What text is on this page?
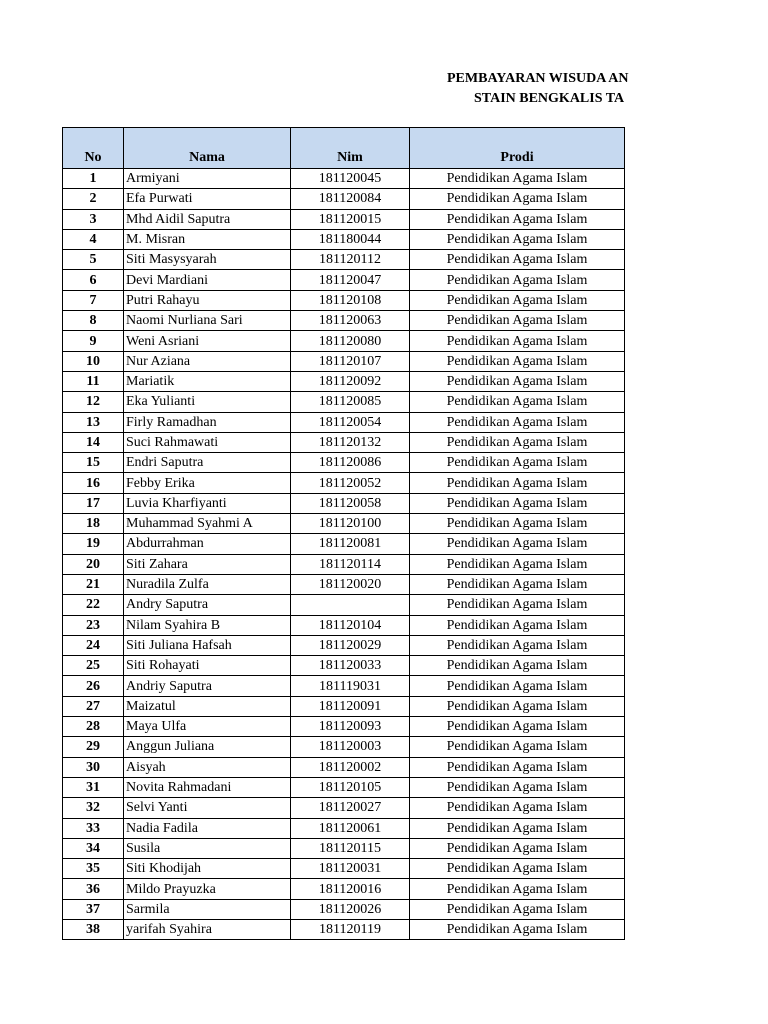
PEMBAYARAN WISUDA AN
STAIN BENGKALIS TA
No	Nama	Nim	Prodi
1	Armiyani	181120045	Pendidikan Agama Islam
2	Efa Purwati	181120084	Pendidikan Agama Islam
3	Mhd Aidil Saputra	181120015	Pendidikan Agama Islam
4	M. Misran	181180044	Pendidikan Agama Islam
5	Siti Masysyarah	181120112	Pendidikan Agama Islam
6	Devi Mardiani	181120047	Pendidikan Agama Islam
7	Putri Rahayu	181120108	Pendidikan Agama Islam
8	Naomi Nurliana Sari	181120063	Pendidikan Agama Islam
9	Weni Asriani	181120080	Pendidikan Agama Islam
10	Nur Aziana	181120107	Pendidikan Agama Islam
11	Mariatik	181120092	Pendidikan Agama Islam
12	Eka Yulianti	181120085	Pendidikan Agama Islam
13	Firly Ramadhan	181120054	Pendidikan Agama Islam
14	Suci Rahmawati	181120132	Pendidikan Agama Islam
15	Endri Saputra	181120086	Pendidikan Agama Islam
16	Febby Erika	181120052	Pendidikan Agama Islam
17	Luvia Kharfiyanti	181120058	Pendidikan Agama Islam
18	Muhammad Syahmi A	181120100	Pendidikan Agama Islam
19	Abdurrahman	181120081	Pendidikan Agama Islam
20	Siti Zahara	181120114	Pendidikan Agama Islam
21	Nuradila Zulfa	181120020	Pendidikan Agama Islam
22	Andry Saputra		Pendidikan Agama Islam
23	Nilam Syahira B	181120104	Pendidikan Agama Islam
24	Siti Juliana Hafsah	181120029	Pendidikan Agama Islam
25	Siti Rohayati	181120033	Pendidikan Agama Islam
26	Andriy Saputra	181119031	Pendidikan Agama Islam
27	Maizatul	181120091	Pendidikan Agama Islam
28	Maya Ulfa	181120093	Pendidikan Agama Islam
29	Anggun Juliana	181120003	Pendidikan Agama Islam
30	Aisyah	181120002	Pendidikan Agama Islam
31	Novita Rahmadani	181120105	Pendidikan Agama Islam
32	Selvi Yanti	181120027	Pendidikan Agama Islam
33	Nadia Fadila	181120061	Pendidikan Agama Islam
34	Susila	181120115	Pendidikan Agama Islam
35	Siti Khodijah	181120031	Pendidikan Agama Islam
36	Mildo Prayuzka	181120016	Pendidikan Agama Islam
37	Sarmila	181120026	Pendidikan Agama Islam
38	yarifah Syahira	181120119	Pendidikan Agama Islam
